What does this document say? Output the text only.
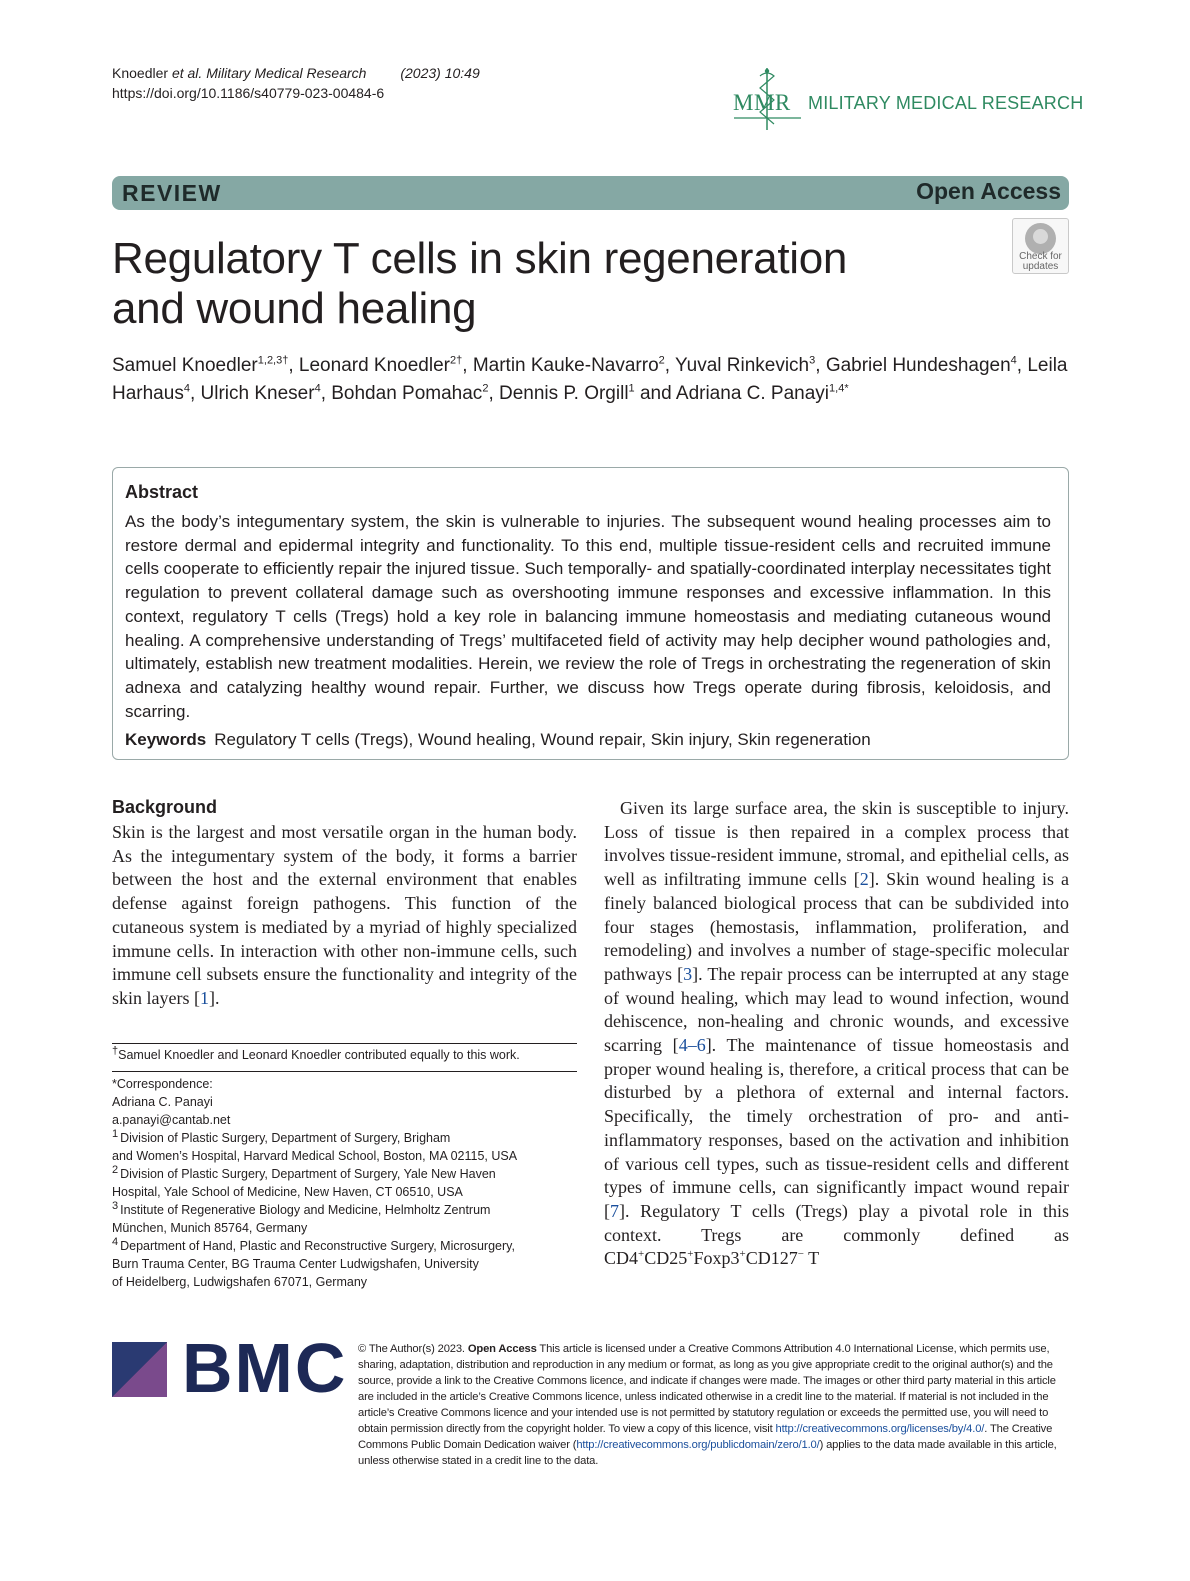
Knoedler et al. Military Medical Research (2023) 10:49
https://doi.org/10.1186/s40779-023-00484-6	MMR MILITARY MEDICAL RESEARCH
REVIEW	Open Access
Regulatory T cells in skin regeneration
and wound healing
Check for
updates
Samuel Knoedler$^{1,2,3\dagger}$, Leonard Knoedler$^{2\dagger}$, Martin Kauke-Navarro$^2$, Yuval Rinkevich$^3$, Gabriel Hundeshagen$^4$, Leila Harhaus$^4$, Ulrich Kneser$^4$, Bohdan Pomahac$^2$, Dennis P. Orgill$^1$ and Adriana C. Panayi$^{1,4*}$
Abstract
As the body’s integumentary system, the skin is vulnerable to injuries. The subsequent wound healing processes aim to restore dermal and epidermal integrity and functionality. To this end, multiple tissue-resident cells and recruited immune cells cooperate to efficiently repair the injured tissue. Such temporally- and spatially-coordinated interplay necessitates tight regulation to prevent collateral damage such as overshooting immune responses and excessive inflammation. In this context, regulatory T cells (Tregs) hold a key role in balancing immune homeostasis and mediating cutaneous wound healing. A comprehensive understanding of Tregs’ multifaceted field of activity may help decipher wound pathologies and, ultimately, establish new treatment modalities. Herein, we review the role of Tregs in orchestrating the regeneration of skin adnexa and catalyzing healthy wound repair. Further, we discuss how Tregs operate during fibrosis, keloidosis, and scarring.
Keywords Regulatory T cells (Tregs), Wound healing, Wound repair, Skin injury, Skin regeneration
Background
Skin is the largest and most versatile organ in the human body. As the integumentary system of the body, it forms a barrier between the host and the external environment that enables defense against foreign pathogens. This function of the cutaneous system is mediated by a myriad of highly specialized immune cells. In interaction with other non-immune cells, such immune cell subsets ensure the functionality and integrity of the skin layers [1].
Given its large surface area, the skin is susceptible to injury. Loss of tissue is then repaired in a complex process that involves tissue-resident immune, stromal, and epithelial cells, as well as infiltrating immune cells [2]. Skin wound healing is a finely balanced biological process that can be subdivided into four stages (hemostasis, inflammation, proliferation, and remodeling) and involves a number of stage-specific molecular pathways [3]. The repair process can be interrupted at any stage of wound healing, which may lead to wound infection, wound dehiscence, non-healing and chronic wounds, and excessive scarring [4–6]. The maintenance of tissue homeostasis and proper wound healing is, therefore, a critical process that can be disturbed by a plethora of external and internal factors. Specifically, the timely orchestration of pro- and anti-inflammatory responses, based on the activation and inhibition of various cell types, such as tissue-resident cells and different types of immune cells, can significantly impact wound repair [7]. Regulatory T cells (Tregs) play a pivotal role in this context. Tregs are commonly defined as CD4+CD25+Foxp3+CD127− T
†Samuel Knoedler and Leonard Knoedler contributed equally to this work.

*Correspondence:

Adriana C. Panayi

a.panayi@cantab.net

$^1$ Division of Plastic Surgery, Department of Surgery, Brigham
and Women’s Hospital, Harvard Medical School, Boston, MA 02115, USA
$^2$ Division of Plastic Surgery, Department of Surgery, Yale New Haven
Hospital, Yale School of Medicine, New Haven, CT 06510, USA
$^3$ Institute of Regenerative Biology and Medicine, Helmholtz Zentrum
München, Munich 85764, Germany
$^4$ Department of Hand, Plastic and Reconstructive Surgery, Microsurgery,
Burn Trauma Center, BG Trauma Center Ludwigshafen, University
of Heidelberg, Ludwigshafen 67071, Germany
BMC © The Author(s) 2023. Open Access This article is licensed under a Creative Commons Attribution 4.0 International License, which permits use, sharing, adaptation, distribution and reproduction in any medium or format, as long as you give appropriate credit to the original author(s) and the source, provide a link to the Creative Commons licence, and indicate if changes were made. The images or other third party material in this article are included in the article’s Creative Commons licence, unless indicated otherwise in a credit line to the material. If material is not included in the article’s Creative Commons licence and your intended use is not permitted by statutory regulation or exceeds the permitted use, you will need to obtain permission directly from the copyright holder. To view a copy of this licence, visit http://creativecommons.org/licenses/by/4.0/. The Creative Commons Public Domain Dedication waiver (http://creativecommons.org/publicdomain/zero/1.0/) applies to the data made available in this article, unless otherwise stated in a credit line to the data.
